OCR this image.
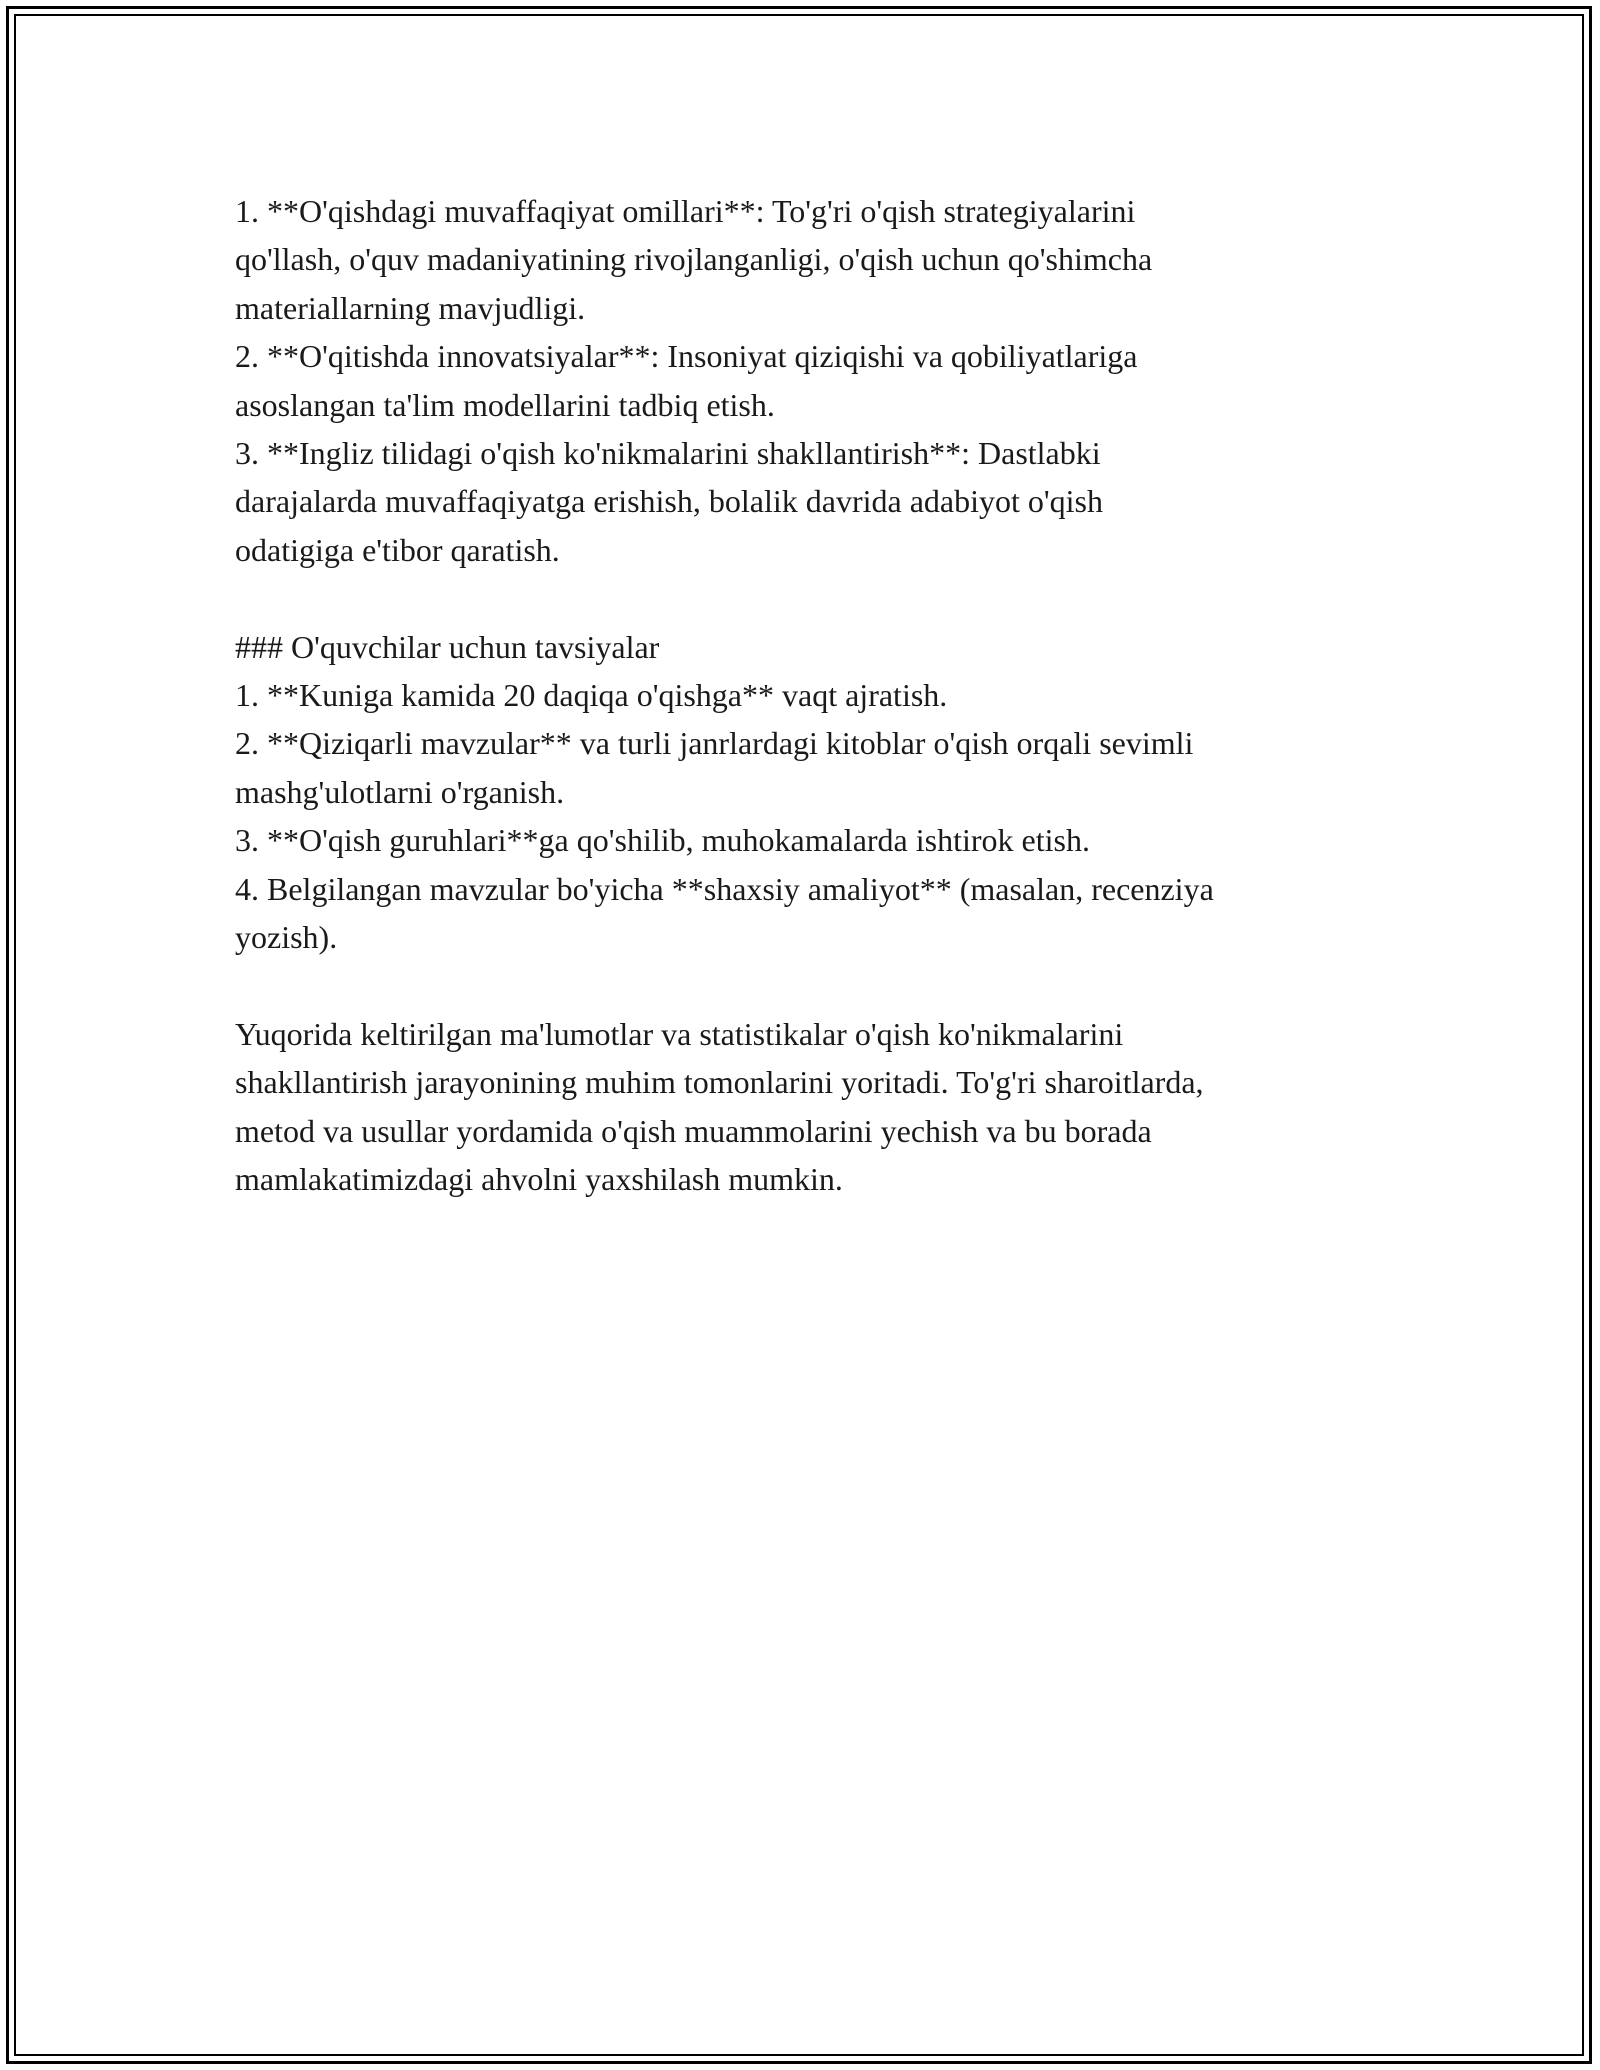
1. **O'qishdagi muvaffaqiyat omillari**: To'g'ri o'qish strategiyalarini

qo'llash, o'quv madaniyatining rivojlanganligi, o'qish uchun qo'shimcha

materiallarning mavjudligi.

2. **O'qitishda innovatsiyalar**: Insoniyat qiziqishi va qobiliyatlariga

asoslangan ta'lim modellarini tadbiq etish.

3. **Ingliz tilidagi o'qish ko'nikmalarini shakllantirish**: Dastlabki

darajalarda muvaffaqiyatga erishish, bolalik davrida adabiyot o'qish

odatigiga e'tibor qaratish.

### O'quvchilar uchun tavsiyalar

1. **Kuniga kamida 20 daqiqa o'qishga** vaqt ajratish.

2. **Qiziqarli mavzular** va turli janrlardagi kitoblar o'qish orqali sevimli

mashg'ulotlarni o'rganish.

3. **O'qish guruhlari**ga qo'shilib, muhokamalarda ishtirok etish.

4. Belgilangan mavzular bo'yicha **shaxsiy amaliyot** (masalan, recenziya

yozish).

Yuqorida keltirilgan ma'lumotlar va statistikalar o'qish ko'nikmalarini

shakllantirish jarayonining muhim tomonlarini yoritadi. To'g'ri sharoitlarda,

metod va usullar yordamida o'qish muammolarini yechish va bu borada

mamlakatimizdagi ahvolni yaxshilash mumkin.
